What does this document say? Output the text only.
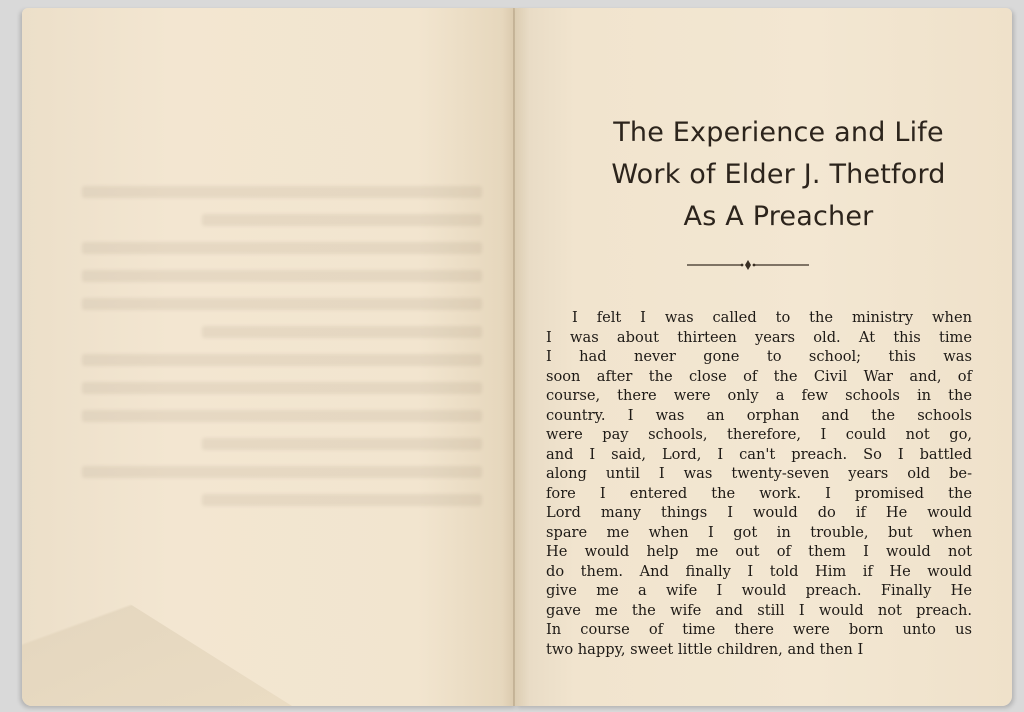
The Experience and Life
Work of Elder J. Thetford
As A Preacher
I felt I was called to the ministry when
I was about thirteen years old. At this time
I had never gone to school; this was
soon after the close of the Civil War and, of
course, there were only a few schools in the
country. I was an orphan and the schools
were pay schools, therefore, I could not go,
and I said, Lord, I can't preach. So I battled
along until I was twenty-seven years old be-
fore I entered the work. I promised the
Lord many things I would do if He would
spare me when I got in trouble, but when
He would help me out of them I would not
do them. And finally I told Him if He would
give me a wife I would preach. Finally He
gave me the wife and still I would not preach.
In course of time there were born unto us
two happy, sweet little children, and then I
